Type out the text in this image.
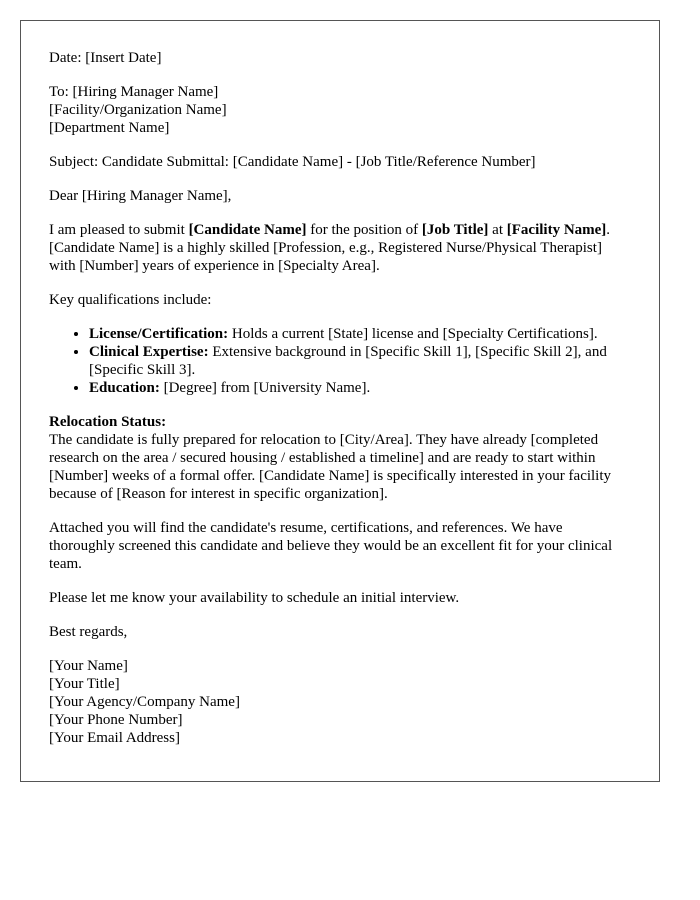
Date: [Insert Date]

To: [Hiring Manager Name]
[Facility/Organization Name]
[Department Name]

Subject: Candidate Submittal: [Candidate Name] - [Job Title/Reference Number]

Dear [Hiring Manager Name],

I am pleased to submit [Candidate Name] for the position of [Job Title] at [Facility Name]. [Candidate Name] is a highly skilled [Profession, e.g., Registered Nurse/Physical Therapist] with [Number] years of experience in [Specialty Area].

Key qualifications include:

• License/Certification: Holds a current [State] license and [Specialty Certifications].
• Clinical Expertise: Extensive background in [Specific Skill 1], [Specific Skill 2], and [Specific Skill 3].
• Education: [Degree] from [University Name].

Relocation Status:
The candidate is fully prepared for relocation to [City/Area]. They have already [completed research on the area / secured housing / established a timeline] and are ready to start within [Number] weeks of a formal offer. [Candidate Name] is specifically interested in your facility because of [Reason for interest in specific organization].

Attached you will find the candidate's resume, certifications, and references. We have thoroughly screened this candidate and believe they would be an excellent fit for your clinical team.

Please let me know your availability to schedule an initial interview.

Best regards,

[Your Name]
[Your Title]
[Your Agency/Company Name]
[Your Phone Number]
[Your Email Address]
